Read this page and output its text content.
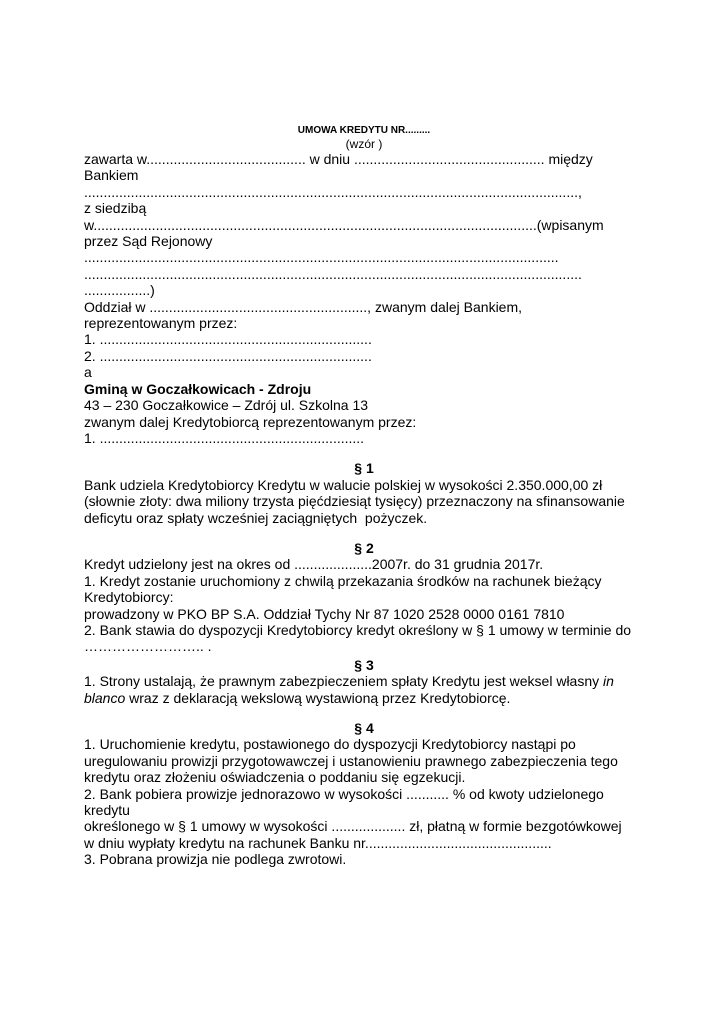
UMOWA KREDYTU NR.........
(wzór )
zawarta w......................................... w dniu ................................................. między
Bankiem
...............................................................................................................................,
z siedzibą
w..................................................................................................................(wpisanym
przez Sąd Rejonowy
..........................................................................................................................
................................................................................................................................
.................)
Oddział w ........................................................, zwanym dalej Bankiem,
reprezentowanym przez:
1. ......................................................................
2. ......................................................................
a
Gminą w Goczałkowicach - Zdroju
43 – 230 Goczałkowice – Zdrój ul. Szkolna 13
zwanym dalej Kredytobiorcą reprezentowanym przez:
1. ....................................................................
§ 1
Bank udziela Kredytobiorcy Kredytu w walucie polskiej w wysokości 2.350.000,00 zł
(słownie złoty: dwa miliony trzysta pięćdziesiąt tysięcy) przeznaczony na sfinansowanie
deficytu oraz spłaty wcześniej zaciągniętych  pożyczek.
§ 2
Kredyt udzielony jest na okres od ....................2007r. do 31 grudnia 2017r.
1. Kredyt zostanie uruchomiony z chwilą przekazania środków na rachunek bieżący
Kredytobiorcy:
prowadzony w PKO BP S.A. Oddział Tychy Nr 87 1020 2528 0000 0161 7810
2. Bank stawia do dyspozycji Kredytobiorcy kredyt określony w § 1 umowy w terminie do
…………………….. .
§ 3
1. Strony ustalają, że prawnym zabezpieczeniem spłaty Kredytu jest weksel własny in
blanco wraz z deklaracją wekslową wystawioną przez Kredytobiorcę.
§ 4
1. Uruchomienie kredytu, postawionego do dyspozycji Kredytobiorcy nastąpi po
uregulowaniu prowizji przygotowawczej i ustanowieniu prawnego zabezpieczenia tego
kredytu oraz złożeniu oświadczenia o poddaniu się egzekucji.
2. Bank pobiera prowizje jednorazowo w wysokości ........... % od kwoty udzielonego
kredytu
określonego w § 1 umowy w wysokości ................... zł, płatną w formie bezgotówkowej
w dniu wypłaty kredytu na rachunek Banku nr................................................
3. Pobrana prowizja nie podlega zwrotowi.
